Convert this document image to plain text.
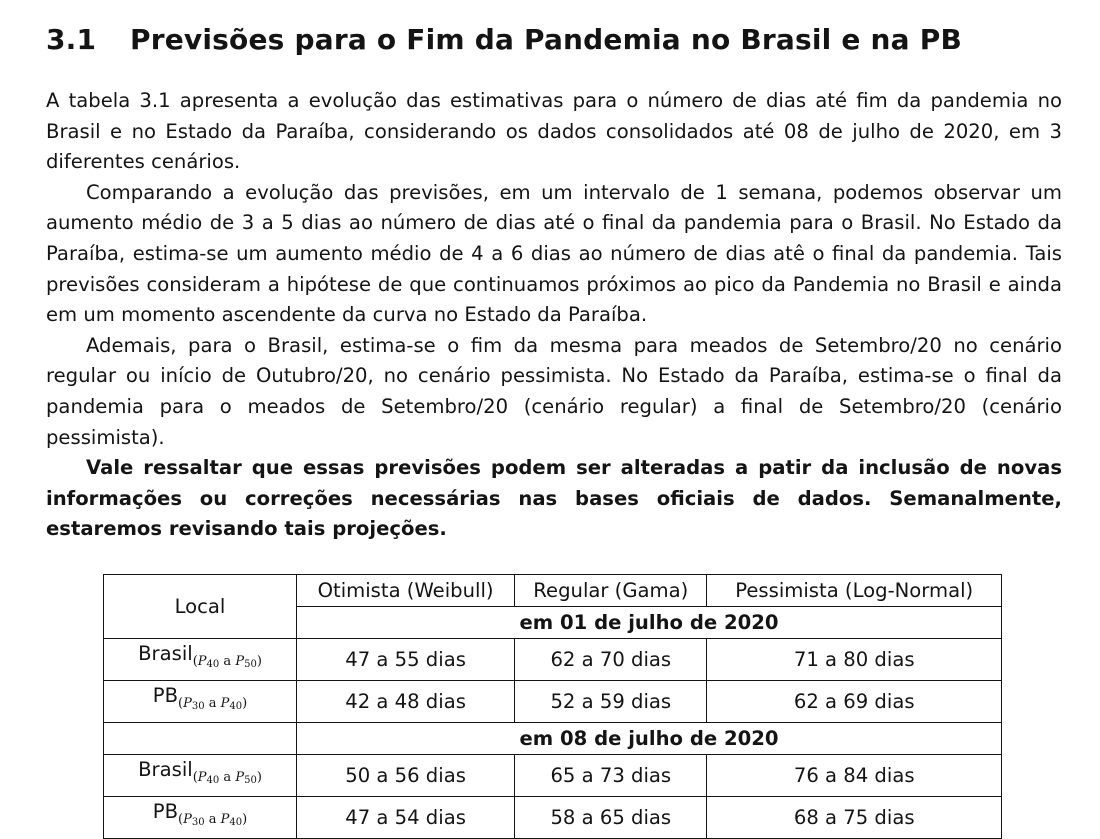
3.1 Previsões para o Fim da Pandemia no Brasil e na PB

A tabela 3.1 apresenta a evolução das estimativas para o número de dias até fim da pandemia no Brasil e no Estado da Paraíba, considerando os dados consolidados até 08 de julho de 2020, em 3 diferentes cenários.

Comparando a evolução das previsões, em um intervalo de 1 semana, podemos observar um aumento médio de 3 a 5 dias ao número de dias até o final da pandemia para o Brasil. No Estado da Paraíba, estima-se um aumento médio de 4 a 6 dias ao número de dias atê o final da pandemia. Tais previsões consideram a hipótese de que continuamos próximos ao pico da Pandemia no Brasil e ainda em um momento ascendente da curva no Estado da Paraíba.

Ademais, para o Brasil, estima-se o fim da mesma para meados de Setembro/20 no cenário regular ou início de Outubro/20, no cenário pessimista. No Estado da Paraíba, estima-se o final da pandemia para o meados de Setembro/20 (cenário regular) a final de Setembro/20 (cenário pessimista).

Vale ressaltar que essas previsões podem ser alteradas a patir da inclusão de novas informações ou correções necessárias nas bases oficiais de dados. Semanalmente, estaremos revisando tais projeções.

Local	Otimista (Weibull)	Regular (Gama)	Pessimista (Log-Normal)
	em 01 de julho de 2020		
Brasil$_{(P40 a P50)}$	47 a 55 dias	62 a 70 dias	71 a 80 dias
$PB_{(P30 a P40)}$	42 a 48 dias	52 a 59 dias	62 a 69 dias
	em 08 de julho de 2020		
Brasil$_{(P40 a P50)}$	50 a 56 dias	65 a 73 dias	76 a 84 dias
$PB_{(P30 a P40)}$	47 a 54 dias	58 a 65 dias	68 a 75 dias
